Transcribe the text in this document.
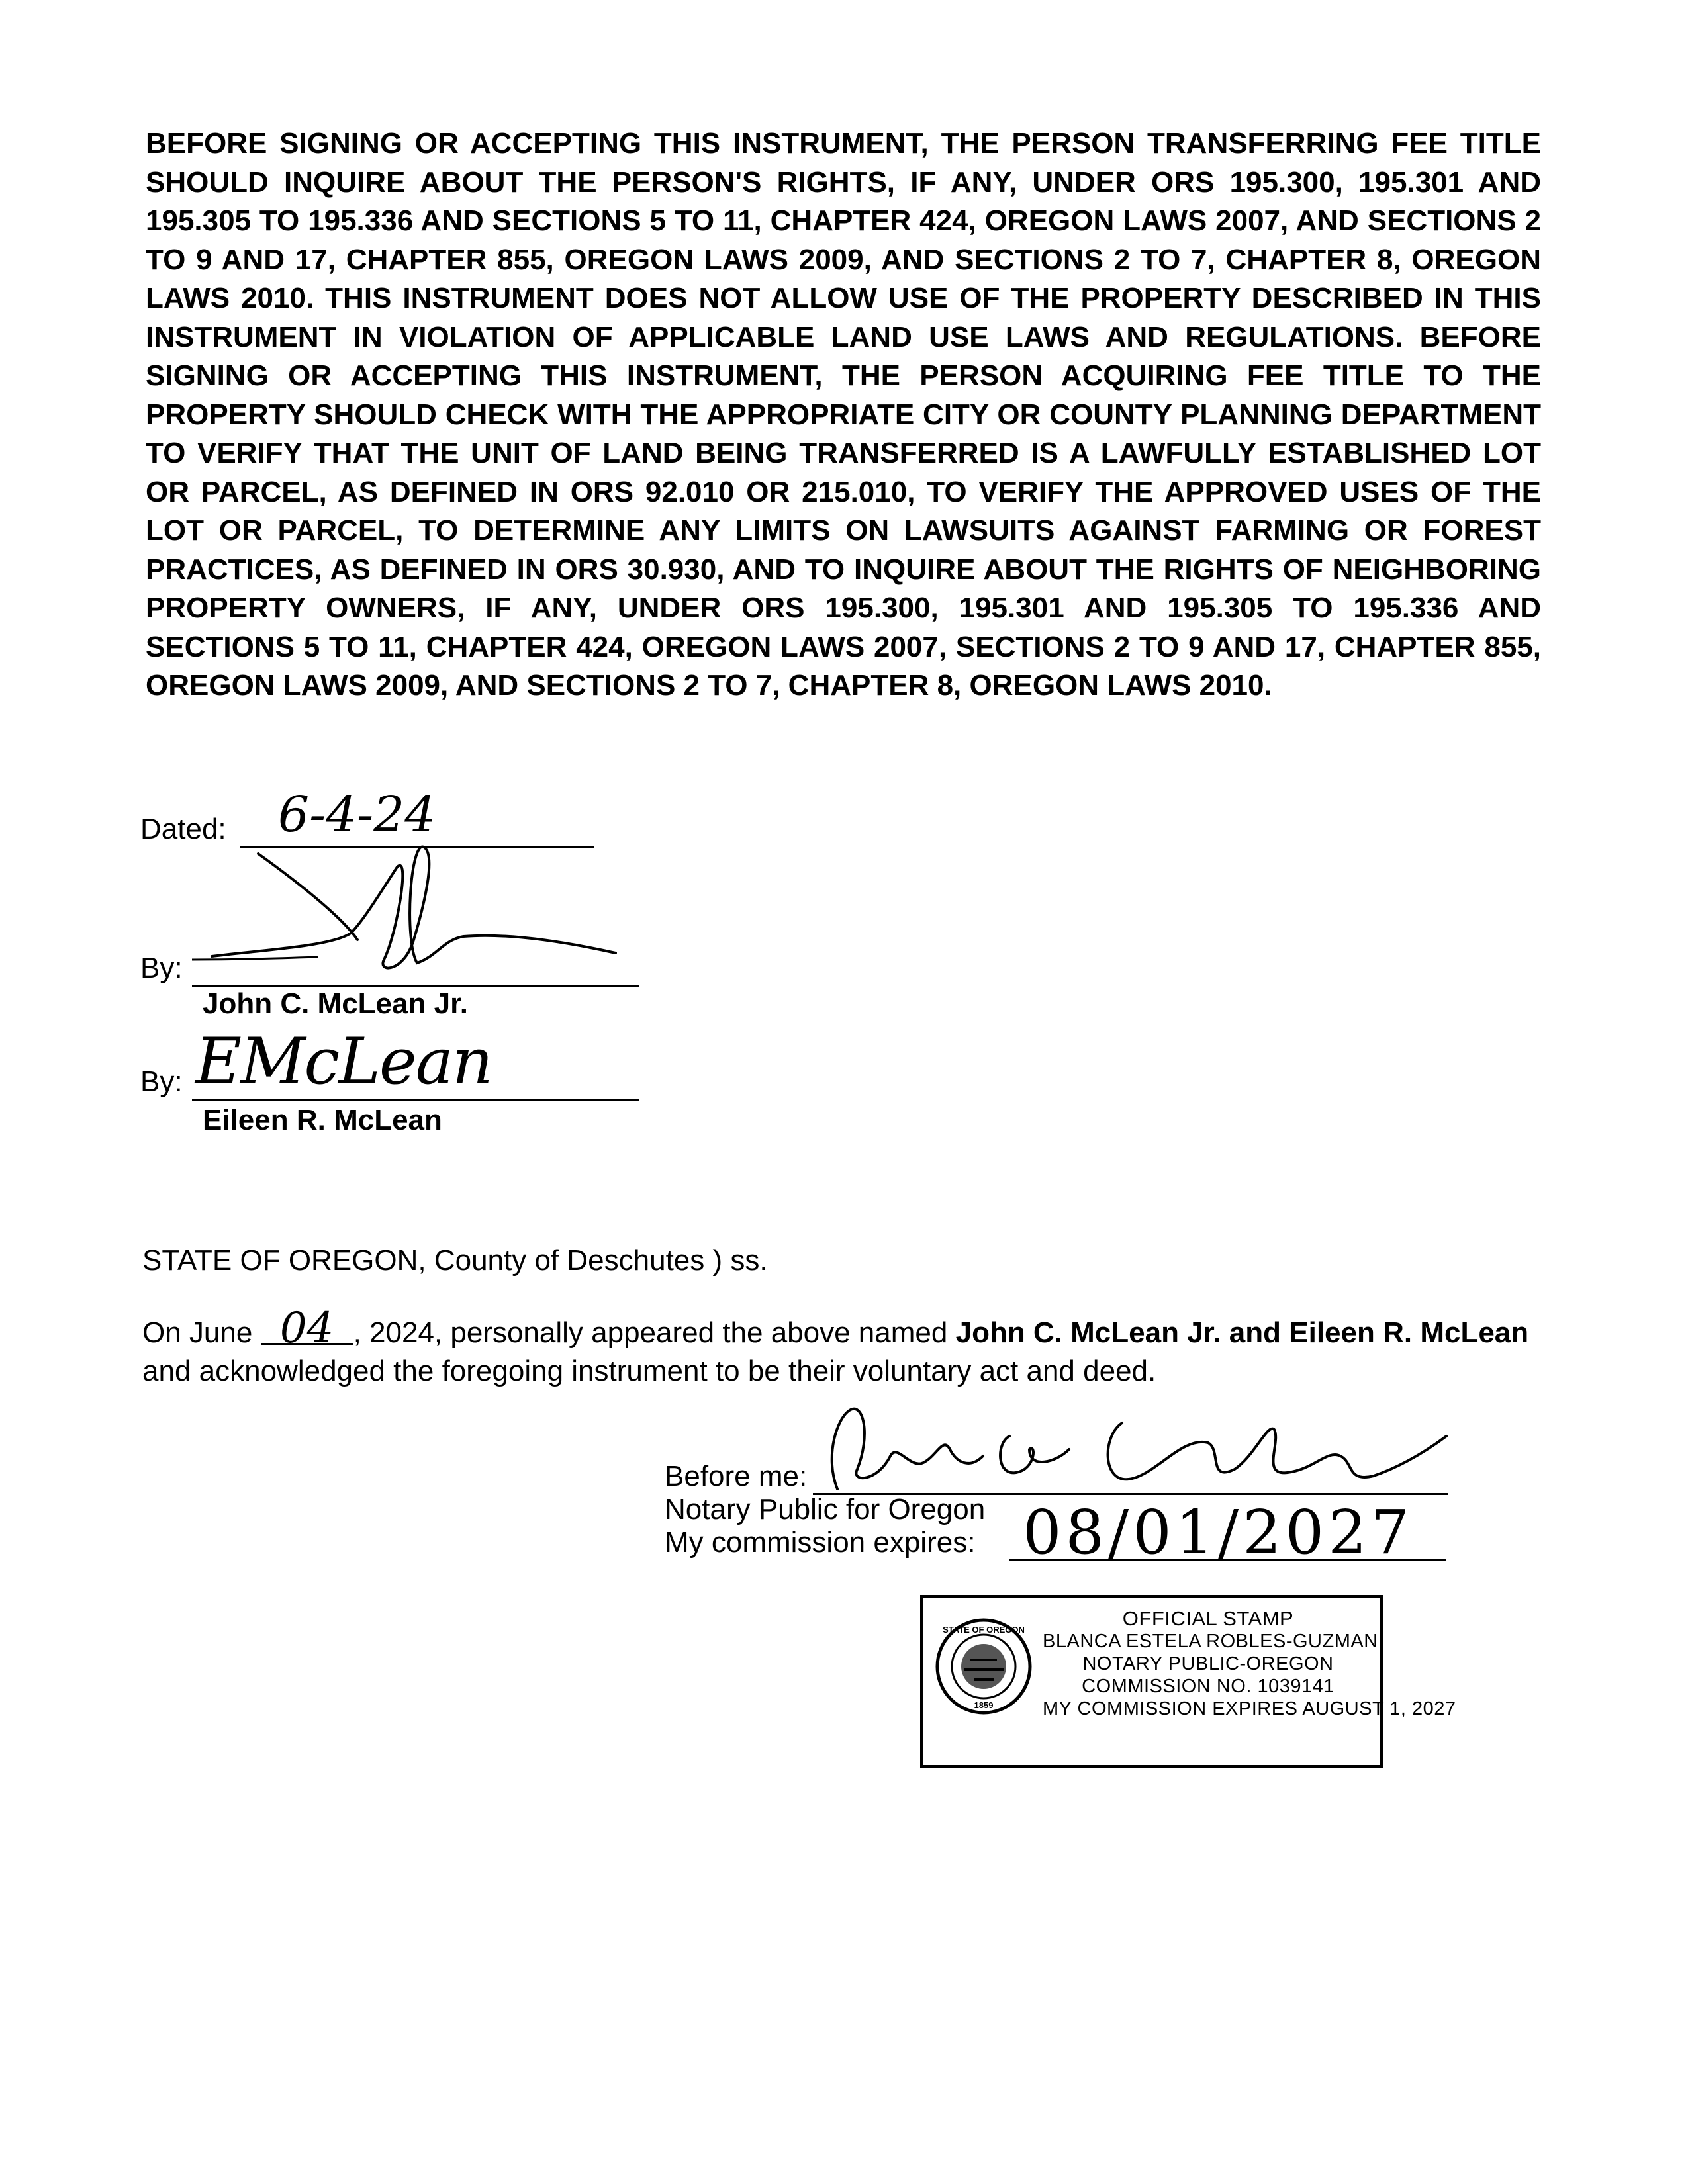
BEFORE SIGNING OR ACCEPTING THIS INSTRUMENT, THE PERSON TRANSFERRING FEE TITLE SHOULD INQUIRE ABOUT THE PERSON'S RIGHTS, IF ANY, UNDER ORS 195.300, 195.301 AND 195.305 TO 195.336 AND SECTIONS 5 TO 11, CHAPTER 424, OREGON LAWS 2007, AND SECTIONS 2 TO 9 AND 17, CHAPTER 855, OREGON LAWS 2009, AND SECTIONS 2 TO 7, CHAPTER 8, OREGON LAWS 2010. THIS INSTRUMENT DOES NOT ALLOW USE OF THE PROPERTY DESCRIBED IN THIS INSTRUMENT IN VIOLATION OF APPLICABLE LAND USE LAWS AND REGULATIONS. BEFORE SIGNING OR ACCEPTING THIS INSTRUMENT, THE PERSON ACQUIRING FEE TITLE TO THE PROPERTY SHOULD CHECK WITH THE APPROPRIATE CITY OR COUNTY PLANNING DEPARTMENT TO VERIFY THAT THE UNIT OF LAND BEING TRANSFERRED IS A LAWFULLY ESTABLISHED LOT OR PARCEL, AS DEFINED IN ORS 92.010 OR 215.010, TO VERIFY THE APPROVED USES OF THE LOT OR PARCEL, TO DETERMINE ANY LIMITS ON LAWSUITS AGAINST FARMING OR FOREST PRACTICES, AS DEFINED IN ORS 30.930, AND TO INQUIRE ABOUT THE RIGHTS OF NEIGHBORING PROPERTY OWNERS, IF ANY, UNDER ORS 195.300, 195.301 AND 195.305 TO 195.336 AND SECTIONS 5 TO 11, CHAPTER 424, OREGON LAWS 2007, SECTIONS 2 TO 9 AND 17, CHAPTER 855, OREGON LAWS 2009, AND SECTIONS 2 TO 7, CHAPTER 8, OREGON LAWS 2010.

Dated: 6-4-24
By:
John C. McLean Jr.
By: EMcLean
Eileen R. McLean
STATE OF OREGON, County of Deschutes ) ss.

On June 04 , 2024, personally appeared the above named John C. McLean Jr. and Eileen R. McLean and acknowledged the foregoing instrument to be their voluntary act and deed.

Before me:
Notary Public for Oregon
My commission expires: 08/01/2027
STATE OF OREGON
1859
OFFICIAL STAMP
BLANCA ESTELA ROBLES-GUZMAN
NOTARY PUBLIC-OREGON
COMMISSION NO. 1039141
MY COMMISSION EXPIRES AUGUST 1, 2027
